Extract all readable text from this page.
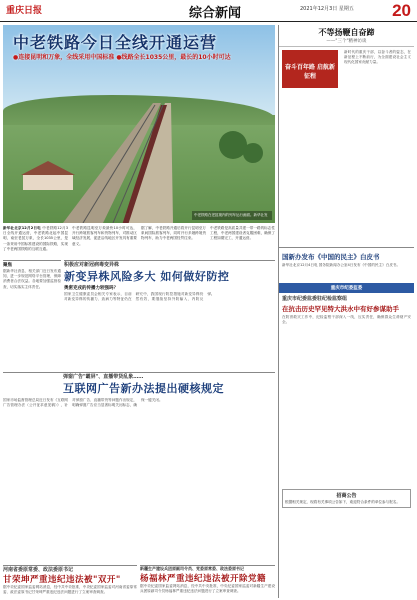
重庆日报	综合新闻	2021年12月3日 星期五 20
中老铁路今日全线开通运营
●连接昆明和万象，全线采用中国标准 ●线路全长1035公里，最长的10小时可达
中老铁路在老挝境内的列车运行画面。新华社发
新华社北京12月2日电 中老铁路12月3日全线开通运营，中老铁路北起中国昆明，南至老挝万象，全长1035公里，是一条采用中国标准建设的国际铁路，实现了中老两国铁路的互联互通。
中老铁路昆明至万象最快10小时可达，开行跨境旅客列车和货物列车，对推动区域经济发展、促进沿线地区开发具有重要意义。
据了解，中老铁路开通后将开行昆明至万象间国际旅客列车，同时开行多趟跨境货物列车，助力中老两国经贸往来。
中老铁路是高质量共建一带一路的标志性工程，中老两国建设者克服困难，确保了工程如期完工，开通运营。
聚焦
据新华社消息，相关部门近日发布通知，进一步规范网络平台管理，保障消费者合法权益。各地要加强监督检查，切实落实主体责任。
积极应对新冠病毒变异株
新变异株风险多大 如何做好防控
奥密克戎的传播力较强吗？
国家卫生健康委员会相关专家表示，目前对新变异株的传播力、致病力等特征仍在研究中，我国现行防控措施对新变异株仍然有效，要继续坚持外防输入、内防反弹。
弹窗广告"霸屏"、直播带货乱象……
互联网广告新办法提出硬核规定
国家市场监督管理总局近日发布《互联网广告管理办法（公开征求意见稿）》，针对弹窗广告、直播带货等问题作出规定，明确弹窗广告应当显著标明关闭标志，确保一键关闭。
河南省委原常委、政法委原书记
甘荣坤严重违纪违法被"双开"
据中央纪委国家监委网站消息，经中共中央批准，中央纪委国家监委对河南省委原常委、政法委原书记甘荣坤严重违纪违法问题进行了立案审查调查。
新疆生产建设兵团原副司令员、党委原常委、政法委原书记
杨福林严重违纪违法被开除党籍
据中央纪委国家监委网站消息，经中共中央批准，中央纪委国家监委对新疆生产建设兵团原副司令员杨福林严重违纪违法问题进行了立案审查调查。
不等扬鞭自奋蹄
——"三个"精神访谈
奋斗百年路 启航新征程
新时代的重庆干部，以奋斗者的姿态，在新征程上不断前行，为全面建设社会主义现代化国家贡献力量。
国新办发布《中国的民主》白皮书
新华社北京12月4日电 国务院新闻办公室4日发布《中国的民主》白皮书。
重庆市纪委监委
重庆市纪委监委驻纪检监察组
在抗击历史罕见特大洪水中有好参谋助手
在防汛救灾工作中，纪检监察干部深入一线，压实责任，确保群众生命财产安全。
招商公告
根据相关规定，现将有关事项公告如下，欢迎符合条件的单位参与报名。
